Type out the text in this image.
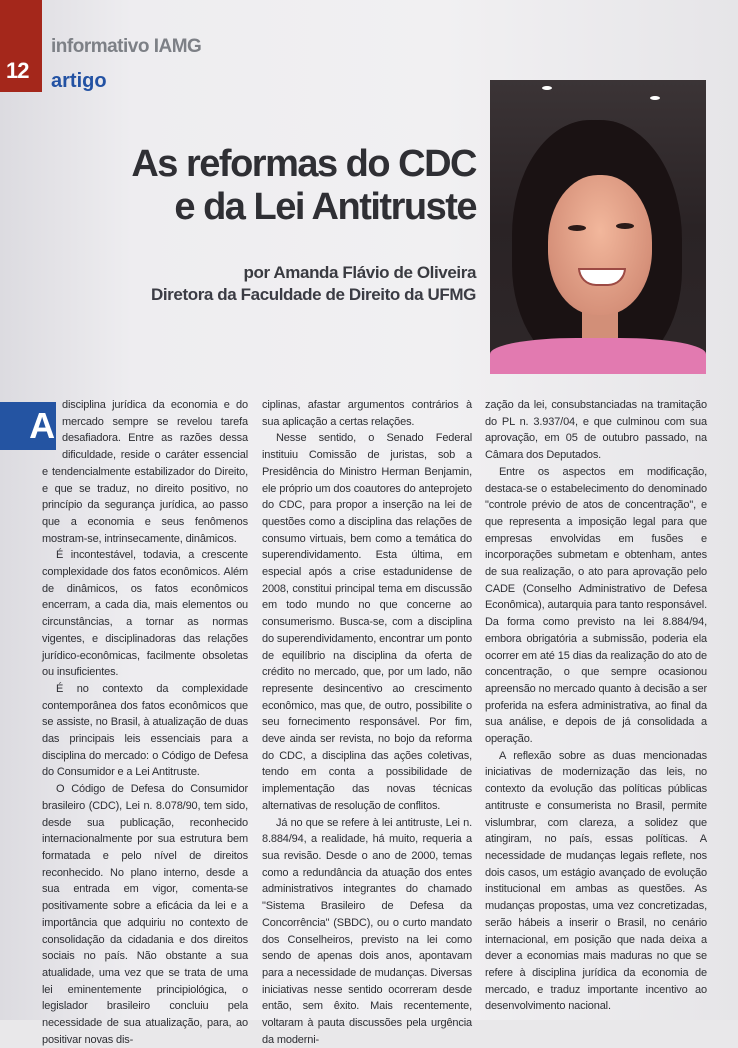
12
informativo IAMG
artigo
As reformas do CDC
e da Lei Antitruste
por Amanda Flávio de Oliveira
Diretora da Faculdade de Direito da UFMG

A disciplina jurídica da economia e do mercado sempre se revelou tarefa desafiadora. Entre as razões dessa dificuldade, reside o caráter essencial e tendencialmente estabilizador do Direito, e que se traduz, no direito positivo, no princípio da segurança jurídica, ao passo que a economia e seus fenômenos mostram-se, intrinsecamente, dinâmicos.

É incontestável, todavia, a crescente complexidade dos fatos econômicos. Além de dinâmicos, os fatos econômicos encerram, a cada dia, mais elementos ou circunstâncias, a tornar as normas vigentes, e disciplinadoras das relações jurídico-econômicas, facilmente obsoletas ou insuficientes.

É no contexto da complexidade contemporânea dos fatos econômicos que se assiste, no Brasil, à atualização de duas das principais leis essenciais para a disciplina do mercado: o Código de Defesa do Consumidor e a Lei Antitruste.

O Código de Defesa do Consumidor brasileiro (CDC), Lei n. 8.078/90, tem sido, desde sua publicação, reconhecido internacionalmente por sua estrutura bem formatada e pelo nível de direitos reconhecido. No plano interno, desde a sua entrada em vigor, comenta-se positivamente sobre a eficácia da lei e a importância que adquiriu no contexto de consolidação da cidadania e dos direitos sociais no país. Não obstante a sua atualidade, uma vez que se trata de uma lei eminentemente principiológica, o legislador brasileiro concluiu pela necessidade de sua atualização, para, ao positivar novas dis-

ciplinas, afastar argumentos contrários à sua aplicação a certas relações.

Nesse sentido, o Senado Federal instituiu Comissão de juristas, sob a Presidência do Ministro Herman Benjamin, ele próprio um dos coautores do anteprojeto do CDC, para propor a inserção na lei de questões como a disciplina das relações de consumo virtuais, bem como a temática do superendividamento. Esta última, em especial após a crise estadunidense de 2008, constitui principal tema em discussão em todo mundo no que concerne ao consumerismo. Busca-se, com a disciplina do superendividamento, encontrar um ponto de equilíbrio na disciplina da oferta de crédito no mercado, que, por um lado, não represente desincentivo ao crescimento econômico, mas que, de outro, possibilite o seu fornecimento responsável. Por fim, deve ainda ser revista, no bojo da reforma do CDC, a disciplina das ações coletivas, tendo em conta a possibilidade de implementação das novas técnicas alternativas de resolução de conflitos.

Já no que se refere à lei antitruste, Lei n. 8.884/94, a realidade, há muito, requeria a sua revisão. Desde o ano de 2000, temas como a redundância da atuação dos entes administrativos integrantes do chamado "Sistema Brasileiro de Defesa da Concorrência" (SBDC), ou o curto mandato dos Conselheiros, previsto na lei como sendo de apenas dois anos, apontavam para a necessidade de mudanças. Diversas iniciativas nesse sentido ocorreram desde então, sem êxito. Mais recentemente, voltaram à pauta discussões pela urgência da moderni-

zação da lei, consubstanciadas na tramitação do PL n. 3.937/04, e que culminou com sua aprovação, em 05 de outubro passado, na Câmara dos Deputados.

Entre os aspectos em modificação, destaca-se o estabelecimento do denominado "controle prévio de atos de concentração", e que representa a imposição legal para que empresas envolvidas em fusões e incorporações submetam e obtenham, antes de sua realização, o ato para aprovação pelo CADE (Conselho Administrativo de Defesa Econômica), autarquia para tanto responsável. Da forma como previsto na lei 8.884/94, embora obrigatória a submissão, poderia ela ocorrer em até 15 dias da realização do ato de concentração, o que sempre ocasionou apreensão no mercado quanto à decisão a ser proferida na esfera administrativa, ao final da sua análise, e depois de já consolidada a operação.

A reflexão sobre as duas mencionadas iniciativas de modernização das leis, no contexto da evolução das políticas públicas antitruste e consumerista no Brasil, permite vislumbrar, com clareza, a solidez que atingiram, no país, essas políticas. A necessidade de mudanças legais reflete, nos dois casos, um estágio avançado de evolução institucional em ambas as questões. As mudanças propostas, uma vez concretizadas, serão hábeis a inserir o Brasil, no cenário internacional, em posição que nada deixa a dever a economias mais maduras no que se refere à disciplina jurídica da economia de mercado, e traduz importante incentivo ao desenvolvimento nacional.
